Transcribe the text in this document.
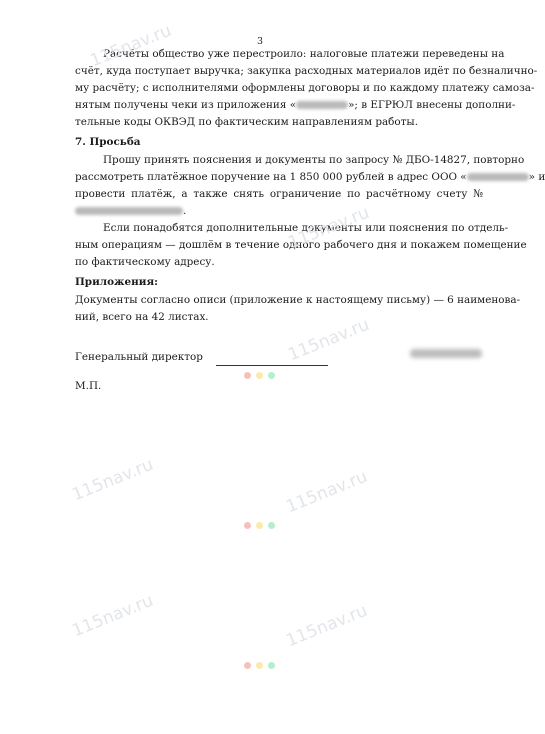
3
Расчёты общество уже перестроило: налоговые платежи переведены на
счёт, куда поступает выручка; закупка расходных материалов идёт по безналично-
му расчёту; с исполнителями оформлены договоры и по каждому платежу самоза-
нятым получены чеки из приложения «	»; в ЕГРЮЛ внесены дополни-
тельные коды ОКВЭД по фактическим направлениям работы.
7. Просьба
Прошу принять пояснения и документы по запросу № ДБО-14827, повторно
рассмотреть платёжное поручение на 1 850 000 рублей в адрес ООО «	» и
провести платёж, а также снять ограничение по расчётному счету №
.
Если понадобятся дополнительные документы или пояснения по отдель-
ным операциям — дошлём в течение одного рабочего дня и покажем помещение
по фактическому адресу.
Приложения:
Документы согласно описи (приложение к настоящему письму) — 6 наименова-
ний, всего на 42 листах.
Генеральный директор
М.П.
115nav.ru
115nav.ru
115nav.ru
115nav.ru
115nav.ru
115nav.ru
115nav.ru
